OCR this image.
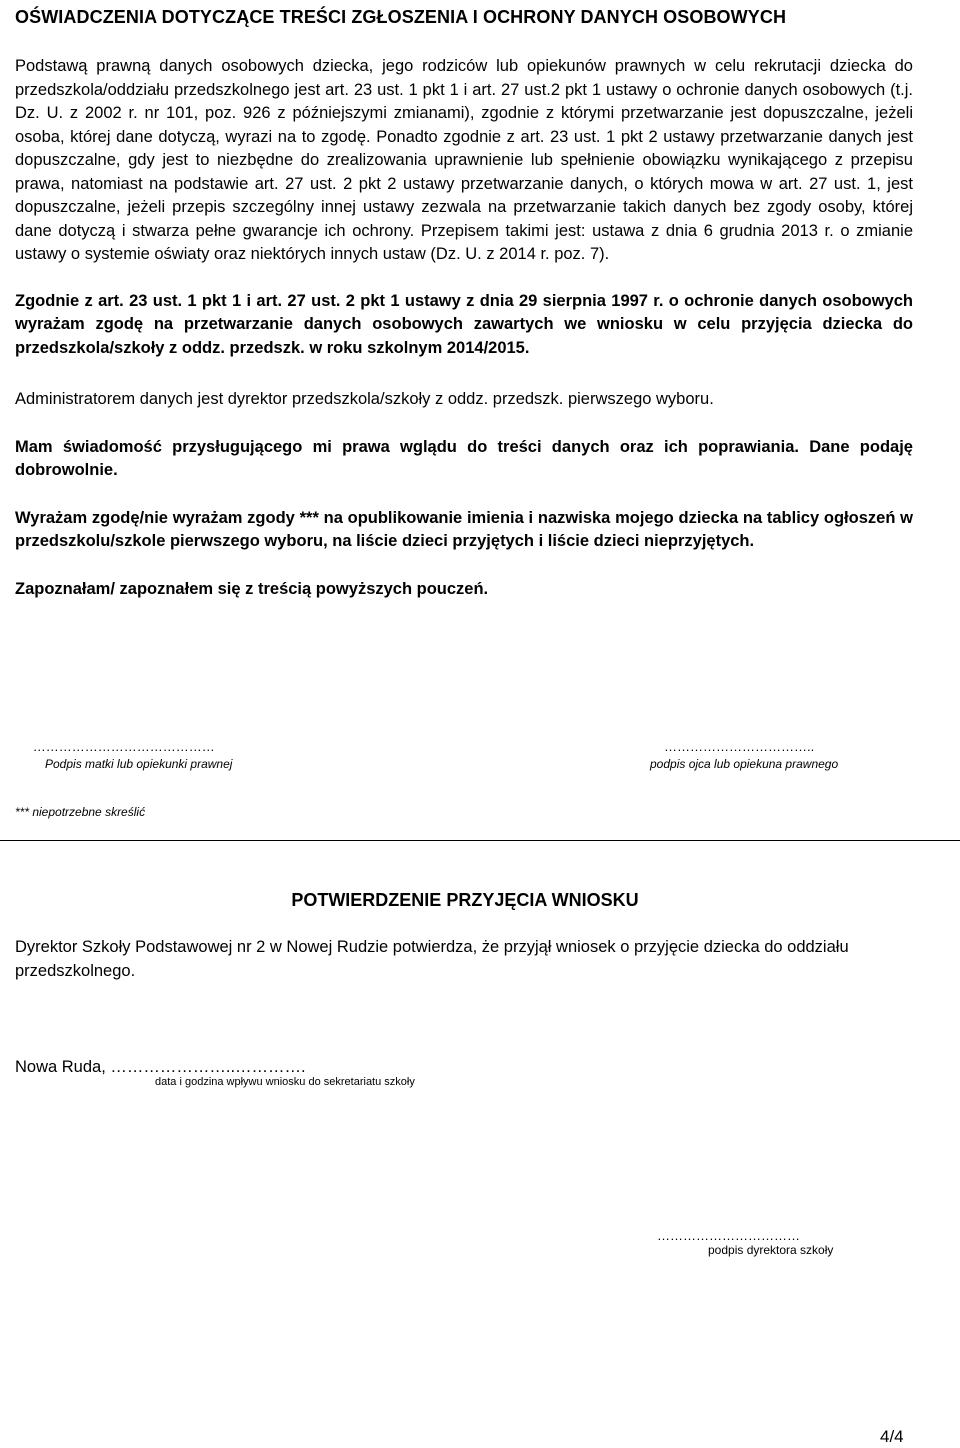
OŚWIADCZENIA DOTYCZĄCE TREŚCI ZGŁOSZENIA I OCHRONY DANYCH OSOBOWYCH

Podstawą prawną danych osobowych dziecka, jego rodziców lub opiekunów prawnych w celu rekrutacji dziecka do przedszkola/oddziału przedszkolnego jest art. 23 ust. 1 pkt 1 i art. 27 ust.2 pkt 1 ustawy o ochronie danych osobowych (t.j. Dz. U. z 2002 r. nr 101, poz. 926 z późniejszymi zmianami), zgodnie z którymi przetwarzanie jest dopuszczalne, jeżeli osoba, której dane dotyczą, wyrazi na to zgodę. Ponadto zgodnie z art. 23 ust. 1 pkt 2 ustawy przetwarzanie danych jest dopuszczalne, gdy jest to niezbędne do zrealizowania uprawnienie lub spełnienie obowiązku wynikającego z przepisu prawa, natomiast na podstawie art. 27 ust. 2 pkt 2 ustawy przetwarzanie danych, o których mowa w art. 27 ust. 1, jest dopuszczalne, jeżeli przepis szczególny innej ustawy zezwala na przetwarzanie takich danych bez zgody osoby, której dane dotyczą i stwarza pełne gwarancje ich ochrony. Przepisem takimi jest: ustawa z dnia 6 grudnia 2013 r. o zmianie ustawy o systemie oświaty oraz niektórych innych ustaw (Dz. U. z 2014 r. poz. 7).

Zgodnie z art. 23 ust. 1 pkt 1 i art. 27 ust. 2 pkt 1 ustawy z dnia 29 sierpnia 1997 r. o ochronie danych osobowych wyrażam zgodę na przetwarzanie danych osobowych zawartych we wniosku w celu przyjęcia dziecka do przedszkola/szkoły z oddz. przedszk. w roku szkolnym 2014/2015.

Administratorem danych jest dyrektor przedszkola/szkoły z oddz. przedszk. pierwszego wyboru.

Mam świadomość przysługującego mi prawa wglądu do treści danych oraz ich poprawiania. Dane podaję dobrowolnie.

Wyrażam zgodę/nie wyrażam zgody *** na opublikowanie imienia i nazwiska mojego dziecka na tablicy ogłoszeń w przedszkolu/szkole pierwszego wyboru, na liście dzieci przyjętych i liście dzieci nieprzyjętych.

Zapoznałam/ zapoznałem się z treścią powyższych pouczeń.

……………………………………
Podpis matki lub opiekunki prawnej
……………………………..
podpis ojca lub opiekuna prawnego
*** niepotrzebne skreślić
POTWIERDZENIE PRZYJĘCIA WNIOSKU

Dyrektor Szkoły Podstawowej nr 2 w Nowej Rudzie potwierdza, że przyjął wniosek o przyjęcie dziecka do oddziału przedszkolnego.

Nowa Ruda, …………………..………….
data i godzina wpływu wniosku do sekretariatu szkoły
……………………………
podpis dyrektora szkoły
4/4
